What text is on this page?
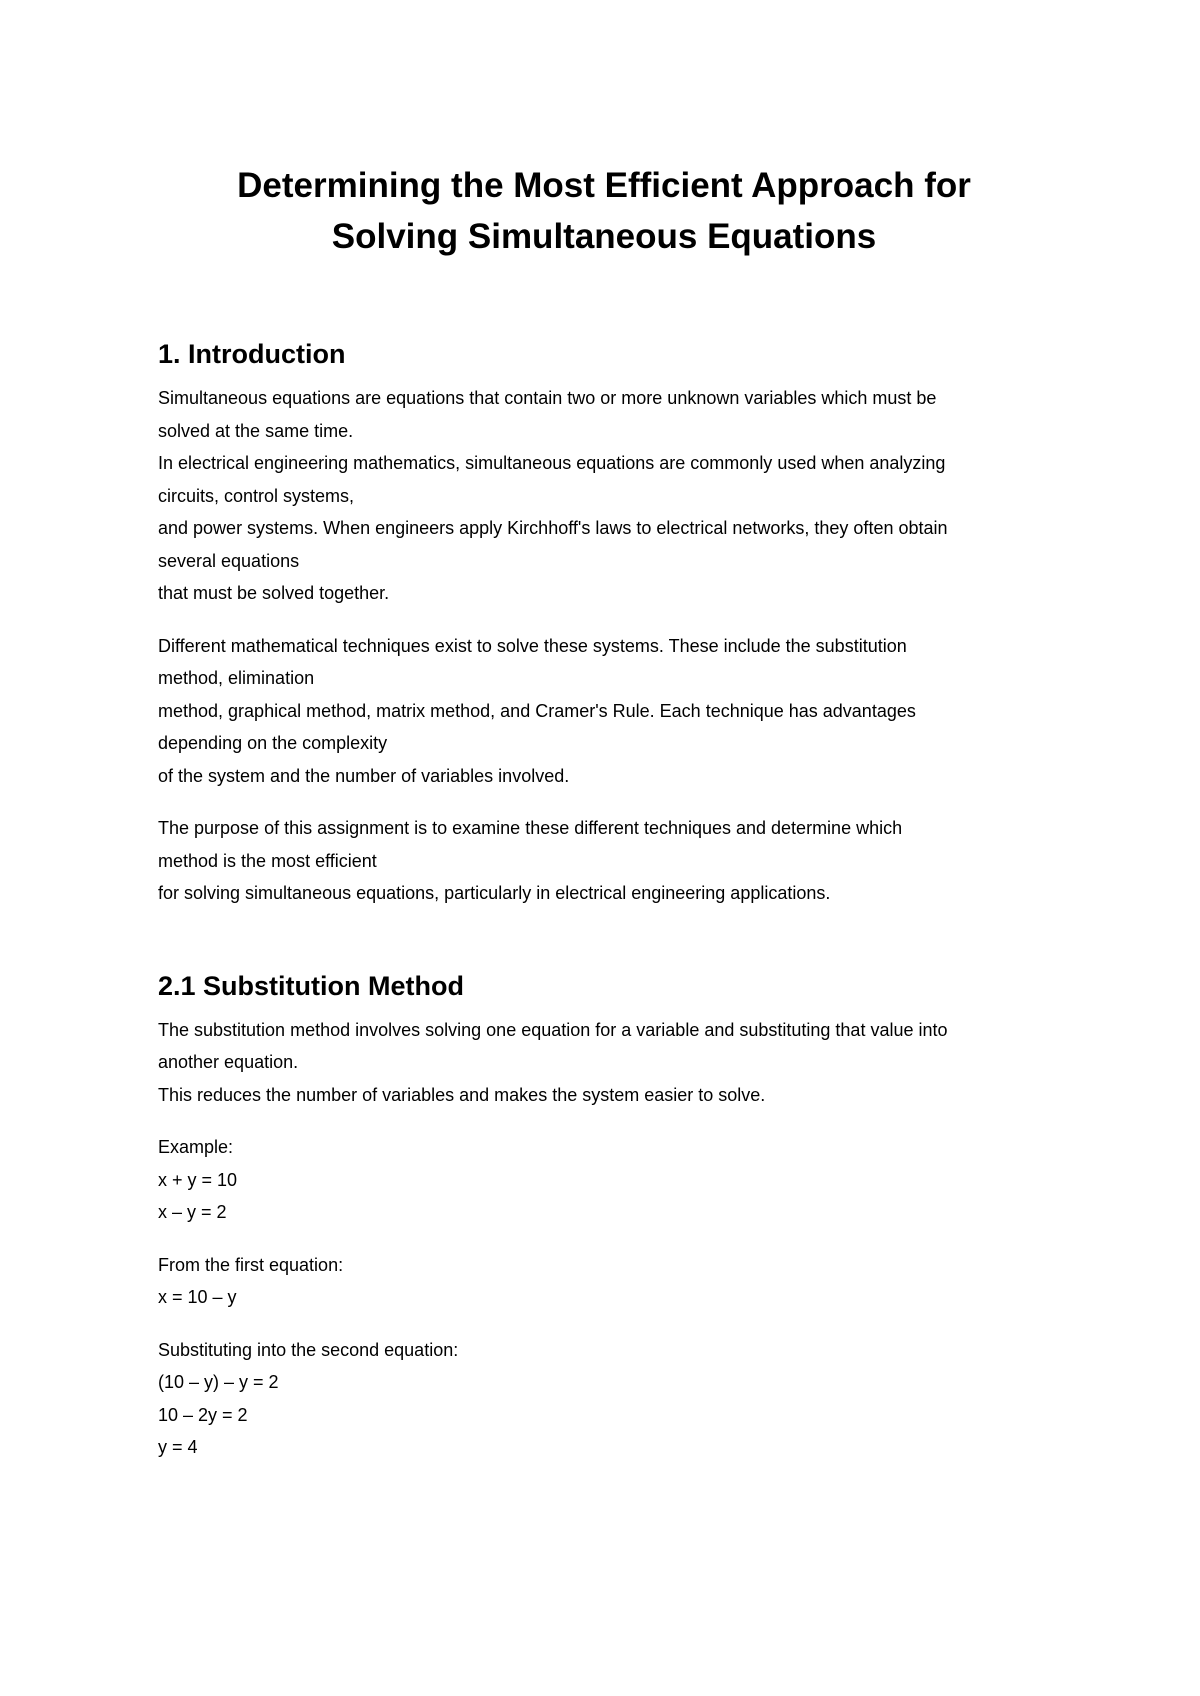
Determining the Most Efficient Approach for
Solving Simultaneous Equations
1. Introduction

Simultaneous equations are equations that contain two or more unknown variables which must be
solved at the same time.
In electrical engineering mathematics, simultaneous equations are commonly used when analyzing
circuits, control systems,
and power systems. When engineers apply Kirchhoff's laws to electrical networks, they often obtain
several equations
that must be solved together.

Different mathematical techniques exist to solve these systems. These include the substitution
method, elimination
method, graphical method, matrix method, and Cramer's Rule. Each technique has advantages
depending on the complexity
of the system and the number of variables involved.

The purpose of this assignment is to examine these different techniques and determine which
method is the most efficient
for solving simultaneous equations, particularly in electrical engineering applications.

2.1 Substitution Method

The substitution method involves solving one equation for a variable and substituting that value into
another equation.
This reduces the number of variables and makes the system easier to solve.

Example:
x + y = 10
x – y = 2
From the first equation:
x = 10 – y
Substituting into the second equation:
(10 – y) – y = 2
10 – 2y = 2
y = 4
